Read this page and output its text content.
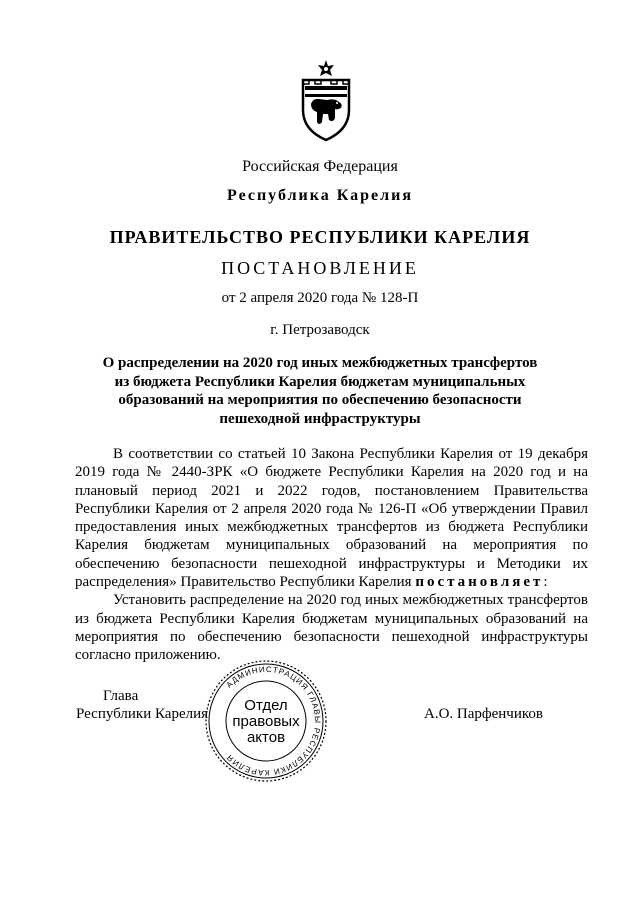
Российская Федерация
Республика Карелия
ПРАВИТЕЛЬСТВО РЕСПУБЛИКИ КАРЕЛИЯ
ПОСТАНОВЛЕНИЕ
от 2 апреля 2020 года № 128-П
г. Петрозаводск
О распределении на 2020 год иных межбюджетных трансфертов
из бюджета Республики Карелия бюджетам муниципальных
образований на мероприятия по обеспечению безопасности
пешеходной инфраструктуры

В соответствии со статьей 10 Закона Республики Карелия от 19 декабря 2019 года № 2440-ЗРК «О бюджете Республики Карелия на 2020 год и на плановый период 2021 и 2022 годов, постановлением Правительства Республики Карелия от 2 апреля 2020 года № 126-П «Об утверждении Правил предоставления иных межбюджетных трансфертов из бюджета Республики Карелия бюджетам муниципальных образований на мероприятия по обеспечению безопасности пешеходной инфраструктуры и Методики их распределения» Правительство Республики Карелия постановляет:

Установить распределение на 2020 год иных межбюджетных трансфертов из бюджета Республики Карелия бюджетам муниципальных образований на мероприятия по обеспечению безопасности пешеходной инфраструктуры согласно приложению.

Глава
Республики Карелия	А.О. Парфенчиков
АДМИНИСТРАЦИЯ ГЛАВЫ РЕСПУБЛИКИ КАРЕЛИЯ
Отдел
правовых
актов
